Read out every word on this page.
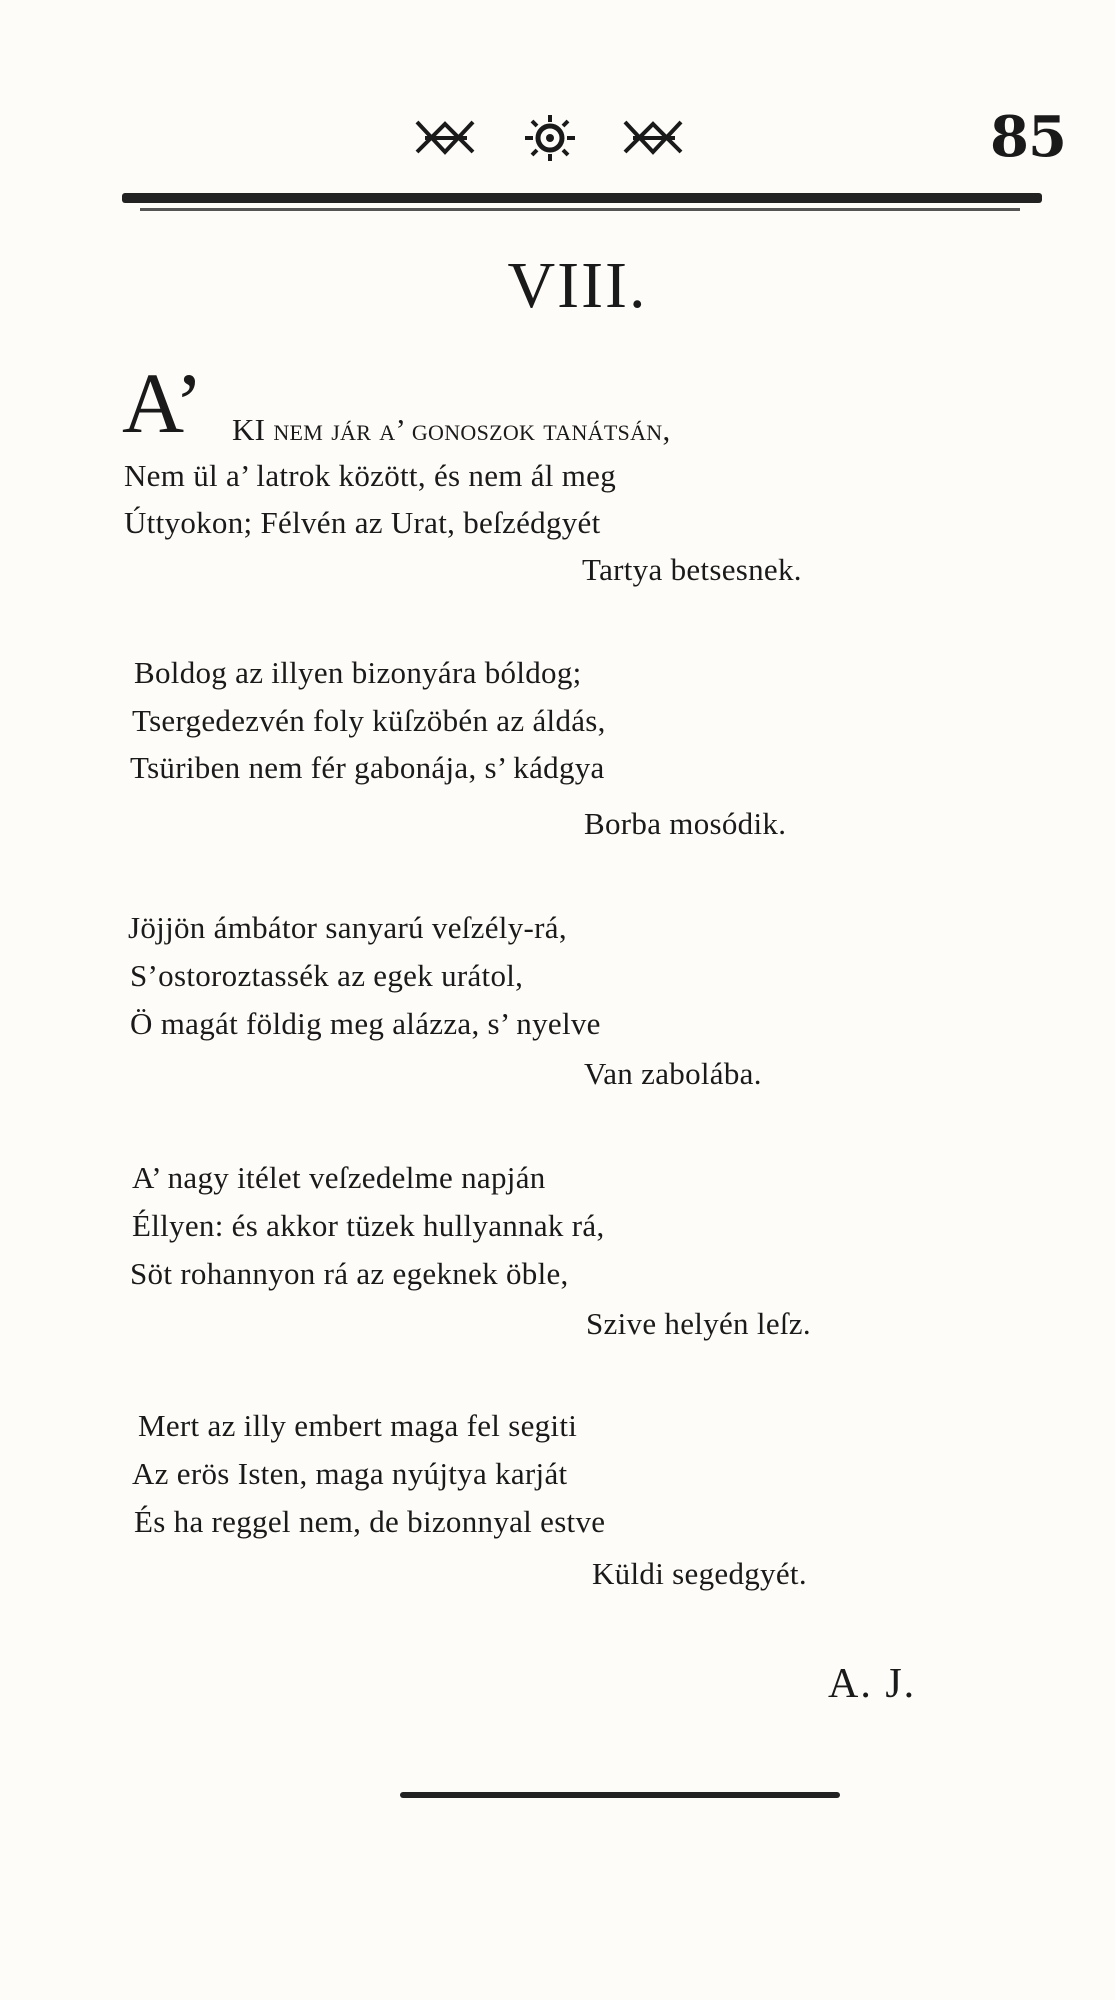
85
VIII.
A’ KI nem jár a’ gonoſzok tanátsán,
Nem ül a’ latrok között, és nem ál meg
Úttyokon; Félvén az Urat, beſzédgyét
Tartya betsesnek.
Boldog az illyen bizonyára bóldog;
Tsergedezvén foly küſzöbén az áldás,
Tsüriben nem fér gabonája, s’ kádgya
Borba mosódik.
Jöjjön ámbátor sanyarú veſzély-rá,
S’ostoroztassék az egek urátol,
Ö magát földig meg alázza, s’ nyelve
Van zabolába.
A’ nagy itélet veſzedelme napján
Éllyen: és akkor tüzek hullyannak rá,
Söt rohannyon rá az egeknek öble,
Szive helyén leſz.
Mert az illy embert maga fel segiti
Az erös Isten, maga nyújtya karját
És ha reggel nem, de bizonnyal estve
Küldi segedgyét.
A. J.
